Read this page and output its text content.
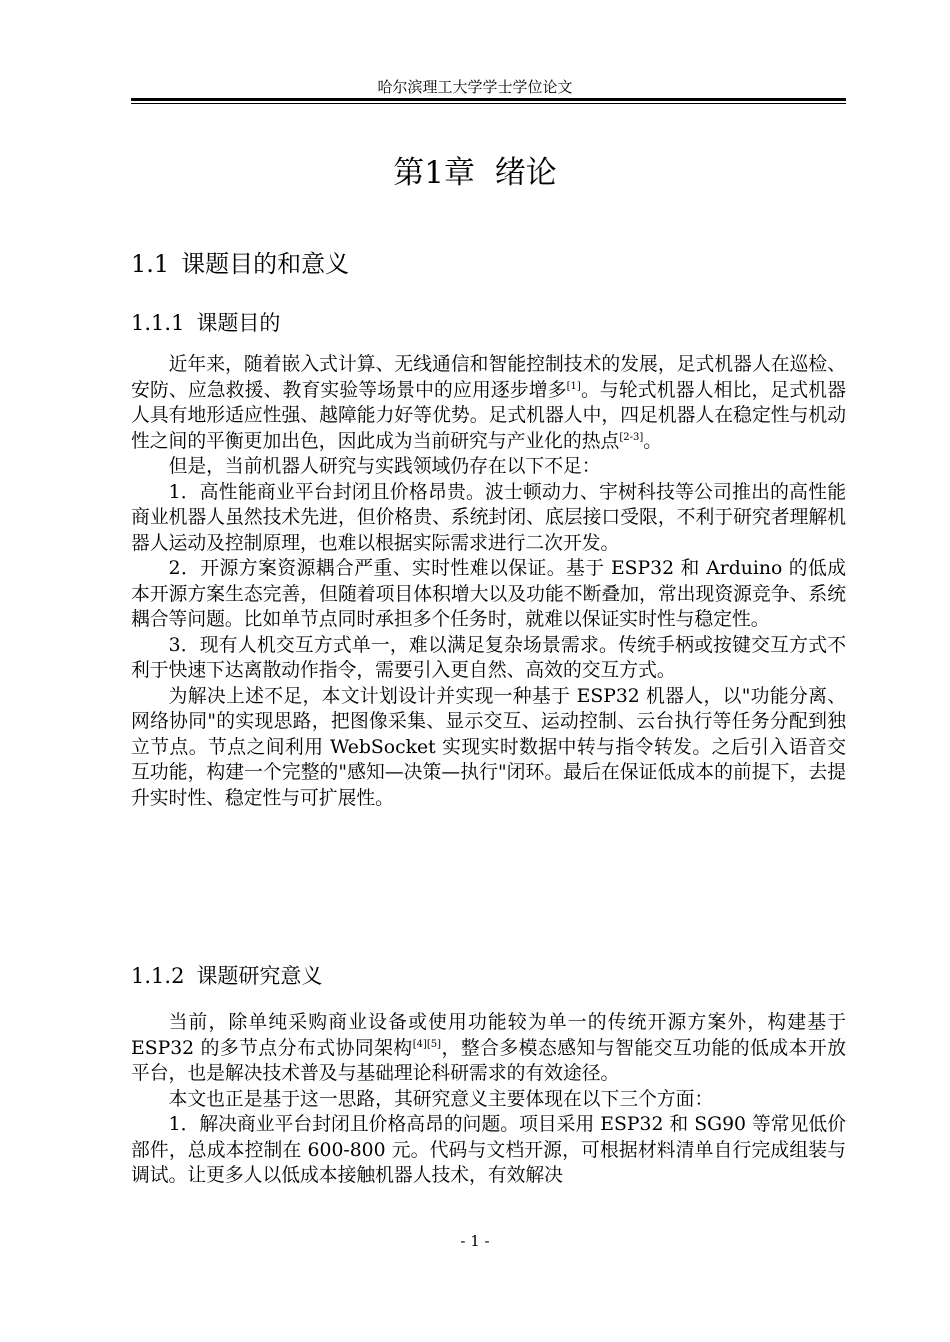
哈尔滨理工大学学士学位论文
第1章 绪论
1.1 课题目的和意义
1.1.1 课题目的

近年来，随着嵌入式计算、无线通信和智能控制技术的发展，足式机器人在巡检、安防、应急救援、教育实验等场景中的应用逐步增多[1]。与轮式机器人相比，足式机器人具有地形适应性强、越障能力好等优势。足式机器人中，四足机器人在稳定性与机动性之间的平衡更加出色，因此成为当前研究与产业化的热点[2-3]。

但是，当前机器人研究与实践领域仍存在以下不足：

1．高性能商业平台封闭且价格昂贵。波士顿动力、宇树科技等公司推出的高性能商业机器人虽然技术先进，但价格贵、系统封闭、底层接口受限，不利于研究者理解机器人运动及控制原理，也难以根据实际需求进行二次开发。

2．开源方案资源耦合严重、实时性难以保证。基于 ESP32 和 Arduino 的低成本开源方案生态完善，但随着项目体积增大以及功能不断叠加，常出现资源竞争、系统耦合等问题。比如单节点同时承担多个任务时，就难以保证实时性与稳定性。

3．现有人机交互方式单一，难以满足复杂场景需求。传统手柄或按键交互方式不利于快速下达离散动作指令，需要引入更自然、高效的交互方式。

为解决上述不足，本文计划设计并实现一种基于 ESP32 机器人，以"功能分离、网络协同"的实现思路，把图像采集、显示交互、运动控制、云台执行等任务分配到独立节点。节点之间利用 WebSocket 实现实时数据中转与指令转发。之后引入语音交互功能，构建一个完整的"感知—决策—执行"闭环。最后在保证低成本的前提下，去提升实时性、稳定性与可扩展性。

1.1.2 课题研究意义

当前，除单纯采购商业设备或使用功能较为单一的传统开源方案外，构建基于 ESP32 的多节点分布式协同架构[4][5]，整合多模态感知与智能交互功能的低成本开放平台，也是解决技术普及与基础理论科研需求的有效途径。

本文也正是基于这一思路，其研究意义主要体现在以下三个方面：

1．解决商业平台封闭且价格高昂的问题。项目采用 ESP32 和 SG90 等常见低价部件，总成本控制在 600-800 元。代码与文档开源，可根据材料清单自行完成组装与调试。让更多人以低成本接触机器人技术，有效解决

- 1 -
